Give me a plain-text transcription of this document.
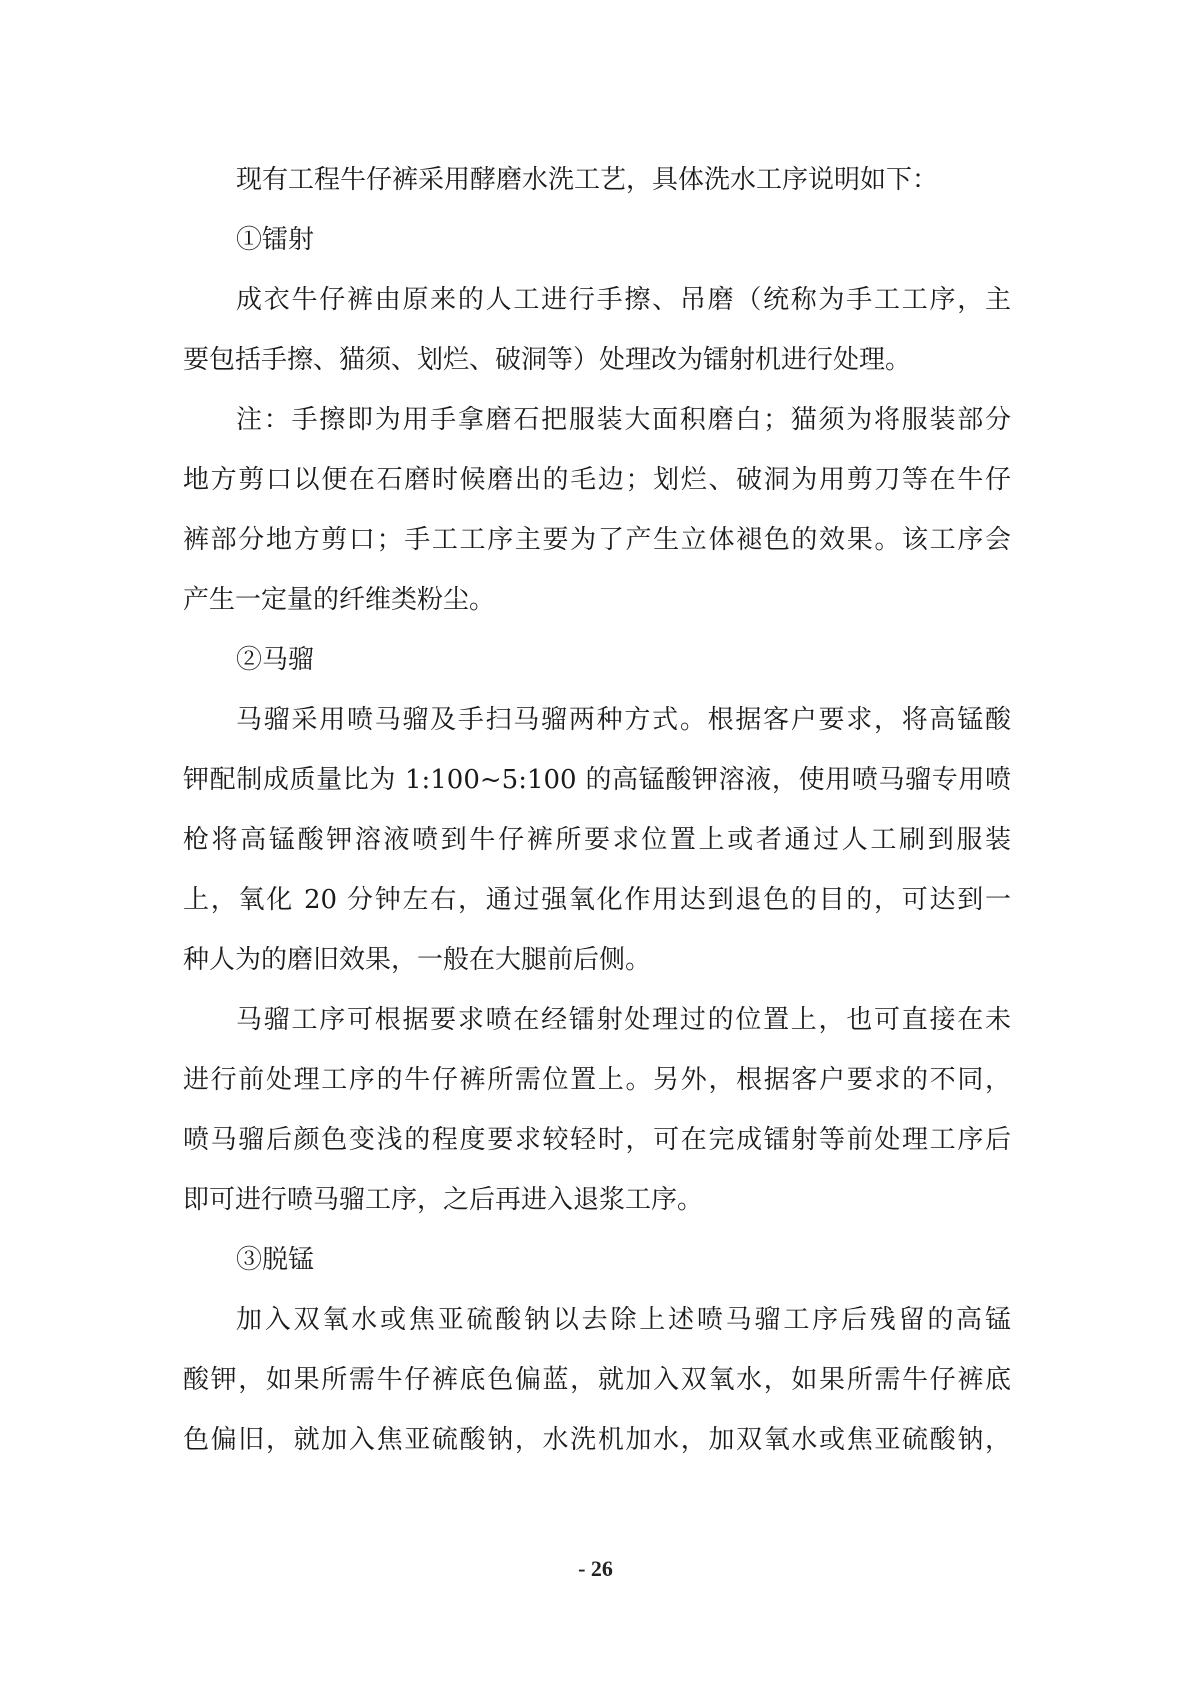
现有工程牛仔裤采用酵磨水洗工艺，具体洗水工序说明如下：
①镭射
成衣牛仔裤由原来的人工进行手擦、吊磨（统称为手工工序，主
要包括手擦、猫须、划烂、破洞等）处理改为镭射机进行处理。
注：手擦即为用手拿磨石把服装大面积磨白；猫须为将服装部分
地方剪口以便在石磨时候磨出的毛边；划烂、破洞为用剪刀等在牛仔
裤部分地方剪口；手工工序主要为了产生立体褪色的效果。该工序会
产生一定量的纤维类粉尘。
②马骝
马骝采用喷马骝及手扫马骝两种方式。根据客户要求，将高锰酸
钾配制成质量比为 1:100~5:100 的高锰酸钾溶液，使用喷马骝专用喷
枪将高锰酸钾溶液喷到牛仔裤所要求位置上或者通过人工刷到服装
上，氧化 20 分钟左右，通过强氧化作用达到退色的目的，可达到一
种人为的磨旧效果，一般在大腿前后侧。
马骝工序可根据要求喷在经镭射处理过的位置上，也可直接在未
进行前处理工序的牛仔裤所需位置上。另外，根据客户要求的不同，
喷马骝后颜色变浅的程度要求较轻时，可在完成镭射等前处理工序后
即可进行喷马骝工序，之后再进入退浆工序。
③脱锰
加入双氧水或焦亚硫酸钠以去除上述喷马骝工序后残留的高锰
酸钾，如果所需牛仔裤底色偏蓝，就加入双氧水，如果所需牛仔裤底
色偏旧，就加入焦亚硫酸钠，水洗机加水，加双氧水或焦亚硫酸钠，
- 26
